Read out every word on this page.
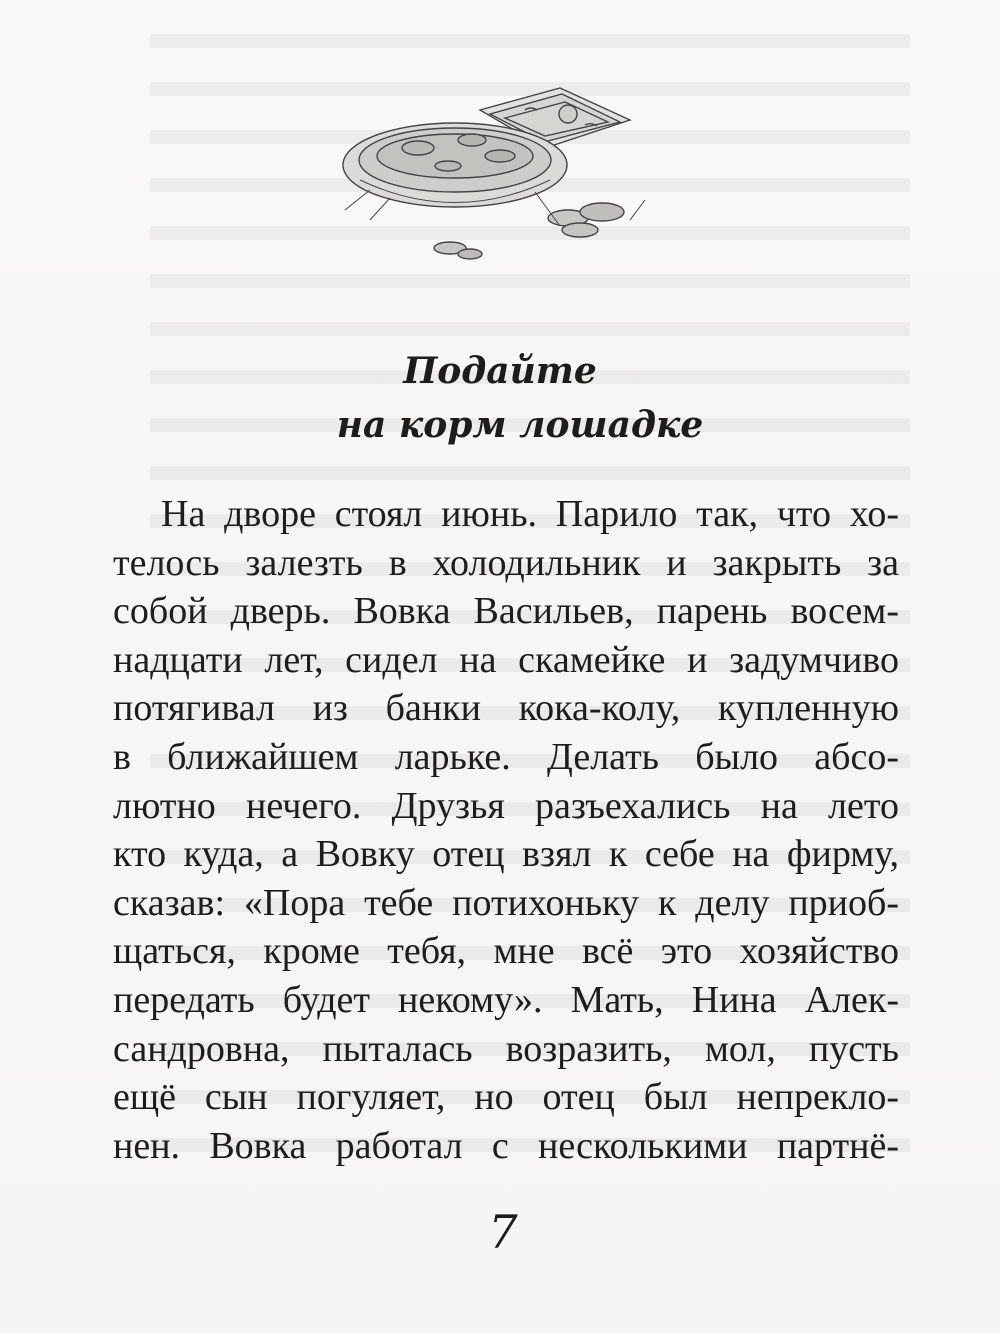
Подайте
на корм лошадке
На дворе стоял июнь. Парило так, что хо-
телось залезть в холодильник и закрыть за
собой дверь. Вовка Васильев, парень восем-
надцати лет, сидел на скамейке и задумчиво
потягивал из банки кока-колу, купленную
в ближайшем ларьке. Делать было абсо-
лютно нечего. Друзья разъехались на лето
кто куда, а Вовку отец взял к себе на фирму,
сказав: «Пора тебе потихоньку к делу приоб-
щаться, кроме тебя, мне всё это хозяйство
передать будет некому». Мать, Нина Алек-
сандровна, пыталась возразить, мол, пусть
ещё сын погуляет, но отец был непрекло-
нен. Вовка работал с несколькими партнё-
7
